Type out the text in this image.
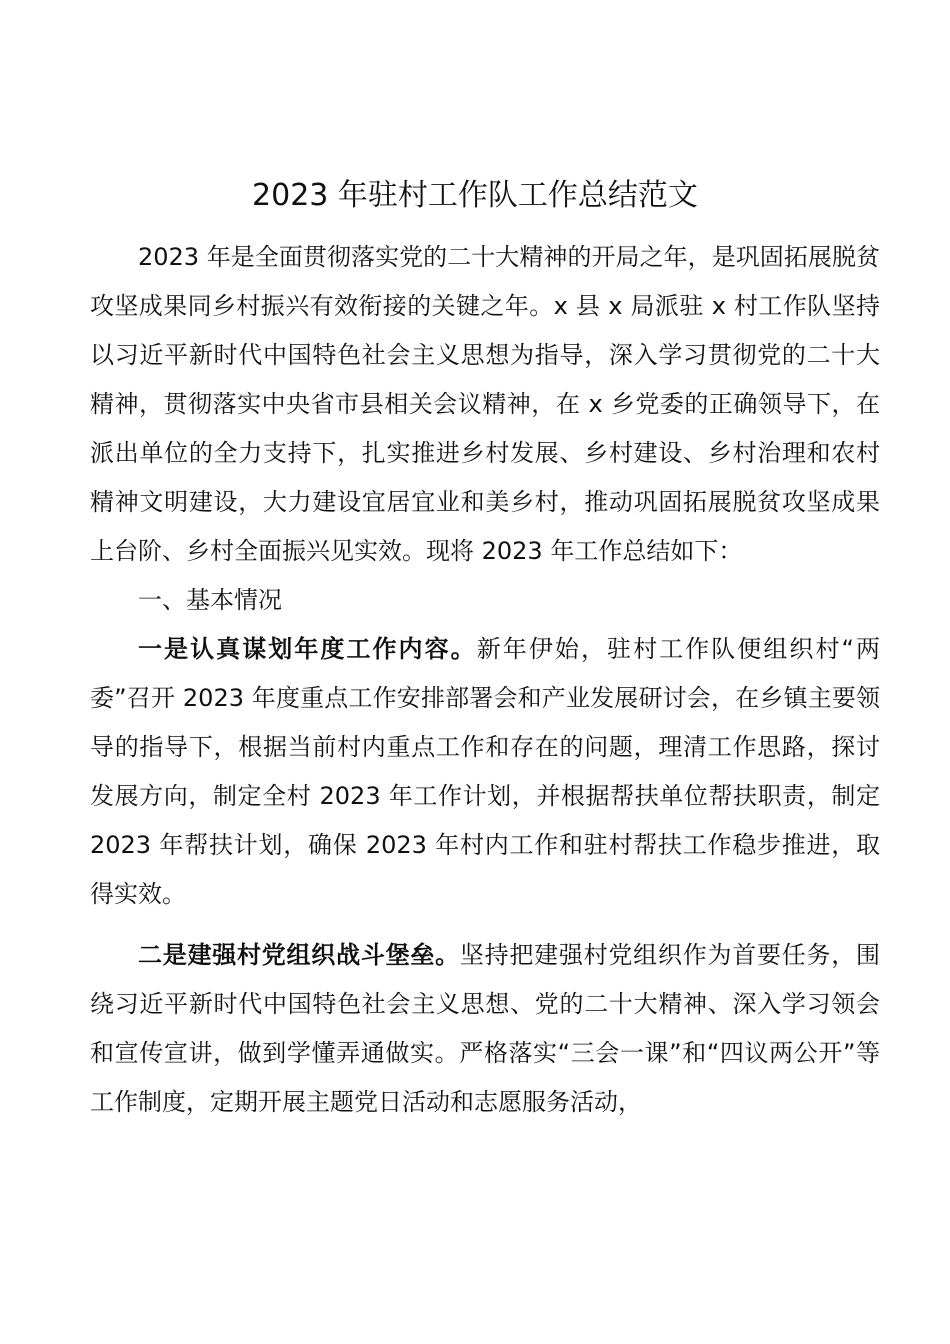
2023 年驻村工作队工作总结范文

2023 年是全面贯彻落实党的二十大精神的开局之年，是巩固拓展脱贫攻坚成果同乡村振兴有效衔接的关键之年。x 县 x 局派驻 x 村工作队坚持以习近平新时代中国特色社会主义思想为指导，深入学习贯彻党的二十大精神，贯彻落实中央省市县相关会议精神，在 x 乡党委的正确领导下，在派出单位的全力支持下，扎实推进乡村发展、乡村建设、乡村治理和农村精神文明建设，大力建设宜居宜业和美乡村，推动巩固拓展脱贫攻坚成果上台阶、乡村全面振兴见实效。现将 2023 年工作总结如下：

一、基本情况

一是认真谋划年度工作内容。新年伊始，驻村工作队便组织村“两委”召开 2023 年度重点工作安排部署会和产业发展研讨会，在乡镇主要领导的指导下，根据当前村内重点工作和存在的问题，理清工作思路，探讨发展方向，制定全村 2023 年工作计划，并根据帮扶单位帮扶职责，制定 2023 年帮扶计划，确保 2023 年村内工作和驻村帮扶工作稳步推进，取得实效。

二是建强村党组织战斗堡垒。坚持把建强村党组织作为首要任务，围绕习近平新时代中国特色社会主义思想、党的二十大精神、深入学习领会和宣传宣讲，做到学懂弄通做实。严格落实“三会一课”和“四议两公开”等工作制度，定期开展主题党日活动和志愿服务活动，
